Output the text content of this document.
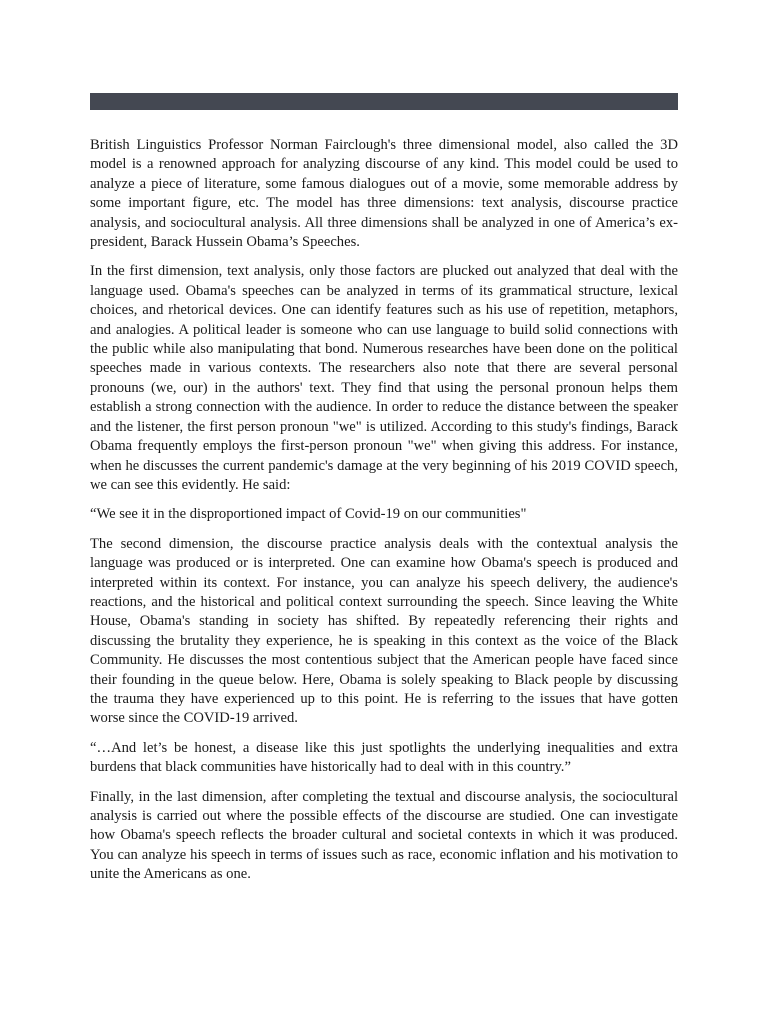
British Linguistics Professor Norman Fairclough's three dimensional model, also called the 3D model is a renowned approach for analyzing discourse of any kind. This model could be used to analyze a piece of literature, some famous dialogues out of a movie, some memorable address by some important figure, etc. The model has three dimensions: text analysis, discourse practice analysis, and sociocultural analysis. All three dimensions shall be analyzed in one of America’s ex-president, Barack Hussein Obama’s Speeches.

In the first dimension, text analysis, only those factors are plucked out analyzed that deal with the language used. Obama's speeches can be analyzed in terms of its grammatical structure, lexical choices, and rhetorical devices. One can identify features such as his use of repetition, metaphors, and analogies. A political leader is someone who can use language to build solid connections with the public while also manipulating that bond. Numerous researches have been done on the political speeches made in various contexts. The researchers also note that there are several personal pronouns (we, our) in the authors' text. They find that using the personal pronoun helps them establish a strong connection with the audience. In order to reduce the distance between the speaker and the listener, the first person pronoun "we" is utilized. According to this study's findings, Barack Obama frequently employs the first-person pronoun "we" when giving this address. For instance, when he discusses the current pandemic's damage at the very beginning of his 2019 COVID speech, we can see this evidently. He said:

“We see it in the disproportioned impact of Covid-19 on our communities"

The second dimension, the discourse practice analysis deals with the contextual analysis the language was produced or is interpreted. One can examine how Obama's speech is produced and interpreted within its context. For instance, you can analyze his speech delivery, the audience's reactions, and the historical and political context surrounding the speech. Since leaving the White House, Obama's standing in society has shifted. By repeatedly referencing their rights and discussing the brutality they experience, he is speaking in this context as the voice of the Black Community. He discusses the most contentious subject that the American people have faced since their founding in the queue below. Here, Obama is solely speaking to Black people by discussing the trauma they have experienced up to this point. He is referring to the issues that have gotten worse since the COVID-19 arrived.

“…And let’s be honest, a disease like this just spotlights the underlying inequalities and extra burdens that black communities have historically had to deal with in this country.”

Finally, in the last dimension, after completing the textual and discourse analysis, the sociocultural analysis is carried out where the possible effects of the discourse are studied. One can investigate how Obama's speech reflects the broader cultural and societal contexts in which it was produced. You can analyze his speech in terms of issues such as race, economic inflation and his motivation to unite the Americans as one.
